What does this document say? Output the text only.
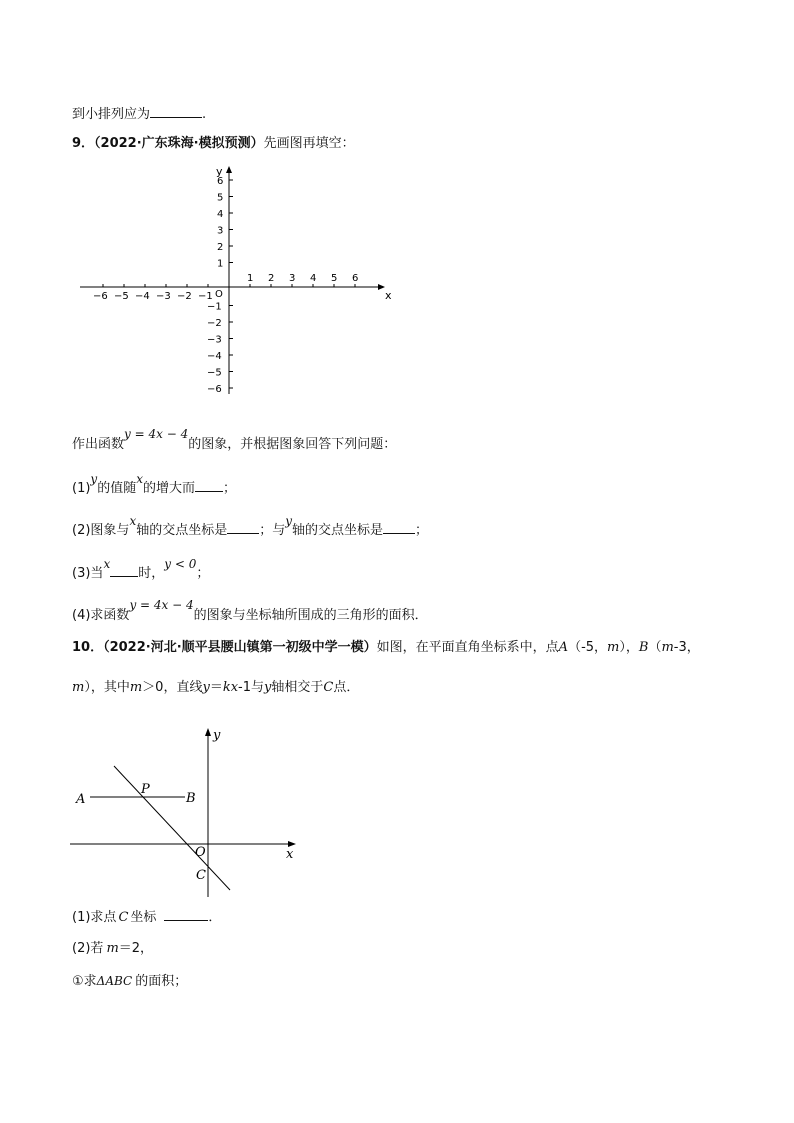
到小排列应为	.
9．（2022·广东珠海·模拟预测）先画图再填空：
x
y
O
−6 −5 −4 −3 −2 −1
1 2 3 4 5 6
6
5
4
3
2
1
−1
−2
−3
−4
−5
−6
作出函数y = 4x − 4的图象，并根据图象回答下列问题：
(1)y的值随x的增大而 ；
(2)图象与x轴的交点坐标是 ；与y轴的交点坐标是 ；
(3)当x时，y < 0；
(4)求函数y = 4x − 4的图象与坐标轴所围成的三角形的面积．
10．（2022·河北·顺平县腰山镇第一初级中学一模）如图，在平面直角坐标系中，点A（-5，m），B（m-3，
m），其中m＞0，直线y＝kx-1与y轴相交于C点．
A	B
P
O
C
x
y
(1)求点 C 坐标	．
(2)若 m＝2，
①求ΔABC 的面积；
